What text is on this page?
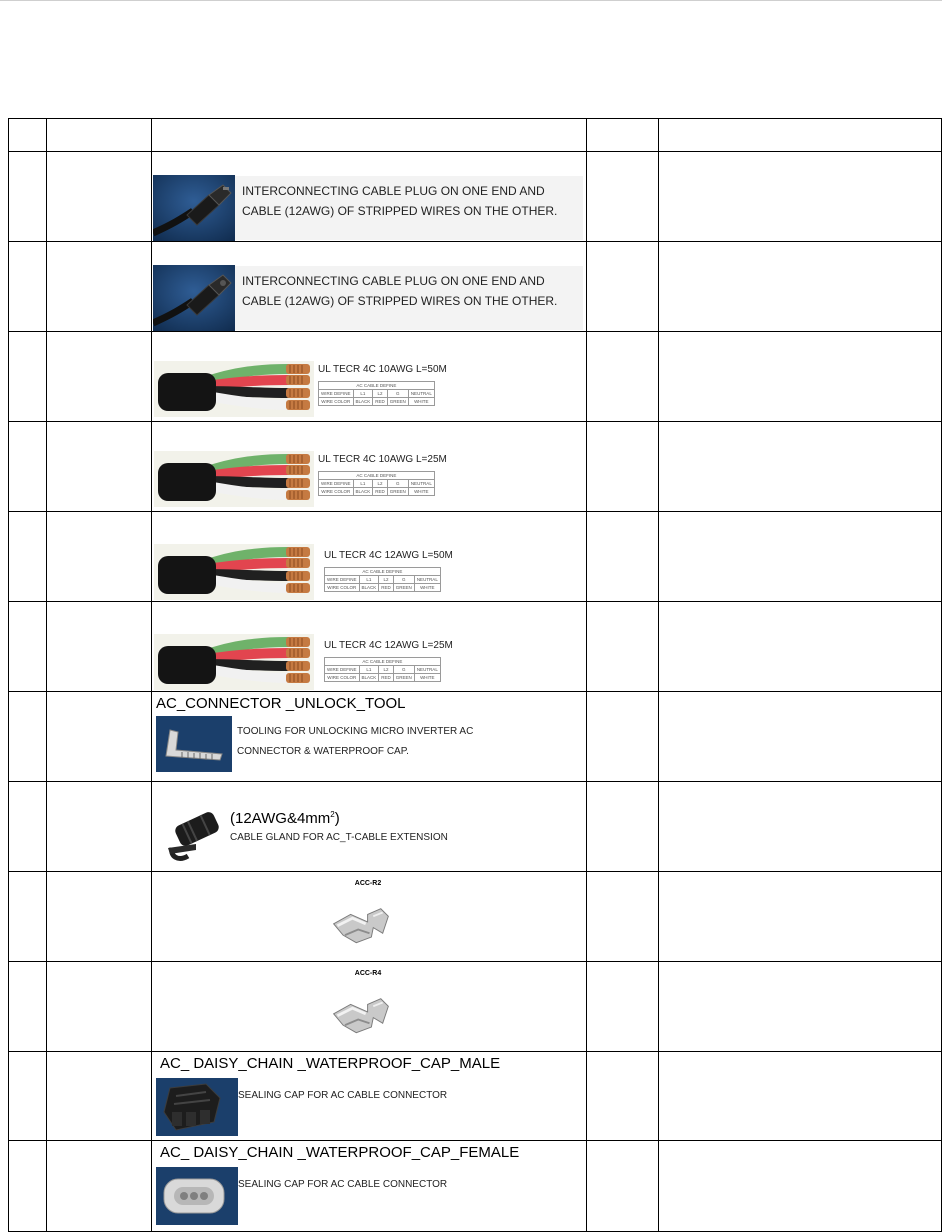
INTERCONNECTING CABLE PLUG ON ONE END AND
CABLE (12AWG) OF STRIPPED WIRES ON THE OTHER.

INTERCONNECTING CABLE PLUG ON ONE END AND
CABLE (12AWG) OF STRIPPED WIRES ON THE OTHER.

UL TECR 4C 10AWG L=50M
AC CABLE DEFINE
WIRE DEFINE	L1	L2	G	NEUTRAL
WIRE COLOR	BLACK	RED	GREEN	WHITE

UL TECR 4C 10AWG L=25M
AC CABLE DEFINE
WIRE DEFINE	L1	L2	G	NEUTRAL
WIRE COLOR	BLACK	RED	GREEN	WHITE

UL TECR 4C 12AWG L=50M
AC CABLE DEFINE
WIRE DEFINE	L1	L2	G	NEUTRAL
WIRE COLOR	BLACK	RED	GREEN	WHITE

UL TECR 4C 12AWG L=25M
AC CABLE DEFINE
WIRE DEFINE	L1	L2	G	NEUTRAL
WIRE COLOR	BLACK	RED	GREEN	WHITE

AC_CONNECTOR _UNLOCK_TOOL
TOOLING FOR UNLOCKING MICRO INVERTER AC
CONNECTOR & WATERPROOF CAP.

$(12AWG\&4mm^2)$
CABLE GLAND FOR AC_T-CABLE EXTENSION

ACC-R2

ACC-R4

AC_ DAISY_CHAIN _WATERPROOF_CAP_MALE
SEALING CAP FOR AC CABLE CONNECTOR

AC_ DAISY_CHAIN _WATERPROOF_CAP_FEMALE
SEALING CAP FOR AC CABLE CONNECTOR
